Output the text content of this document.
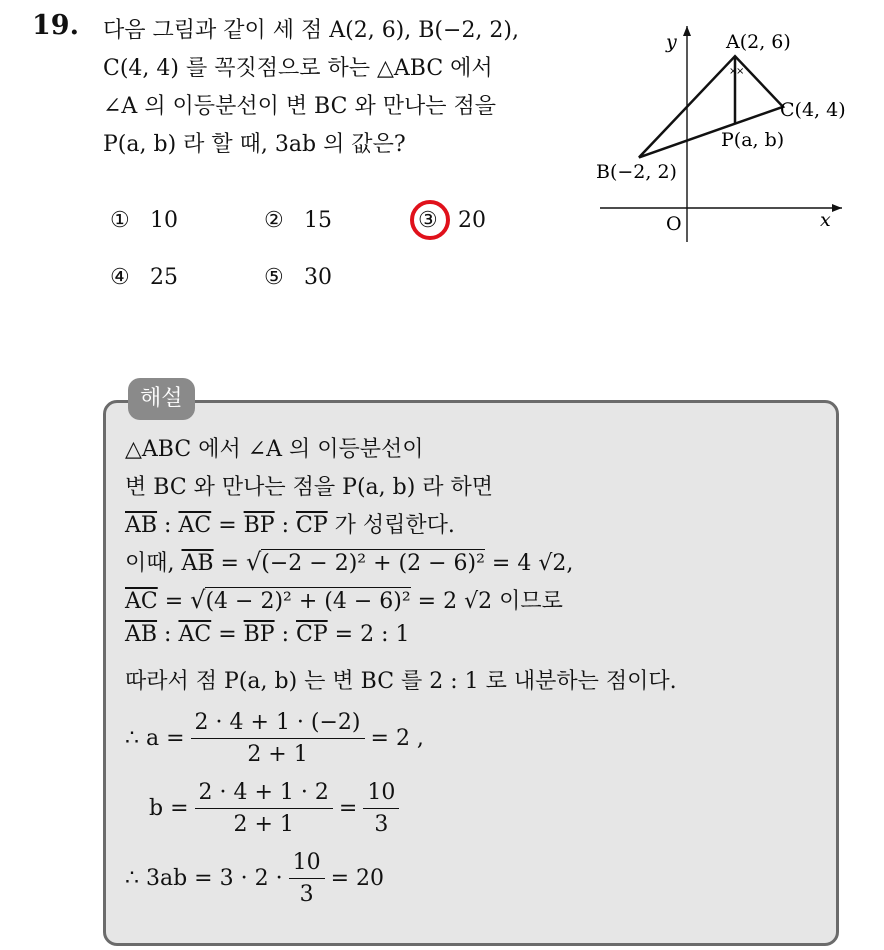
19. 다음 그림과 같이 세 점 A(2, 6), B(−2, 2),
C(4, 4) 를 꼭짓점으로 하는 △ABC 에서
∠A 의 이등분선이 변 BC 와 만나는 점을
P(a, b) 라 할 때, 3ab 의 값은?
① 10	② 15	③ 20
④ 25	⑤ 30
×
×
A(2, 6)
B(−2, 2)
C(4, 4)
P(a, b)
O	x
y
해설
△ABC 에서 ∠A 의 이등분선이
변 BC 와 만나는 점을 P(a, b) 라 하면
$\overline{AB}$ : $\overline{AC} = \overline{BP}$ : $\overline{CP}$ 가 성립한다.
이때, $\overline{AB} = √(-2 - 2)^2 + (2 - 6)^2 = 4$ √2,
$\overline{AC} = √(4 - 2)^2 + (4 - 6)^2 = 2$ √2 이므로
$\overline{AB}$ : $\overline{AC} = \overline{BP}$ : $\overline{CP} = 2$ : 1
따라서 점 P(a, b) 는 변 BC 를 2 : 1 로 내분하는 점이다.
∴ $a = \frac{2 \cdot 4 + 1 \cdot (-2)}{2 + 1} = 2$ ,
$b = \frac{2 \cdot 4 + 1 \cdot 2}{2 + 1} = \frac{10}{3}$
∴ $3ab = 3 \cdot 2 \cdot \frac{10}{3} = 20$
